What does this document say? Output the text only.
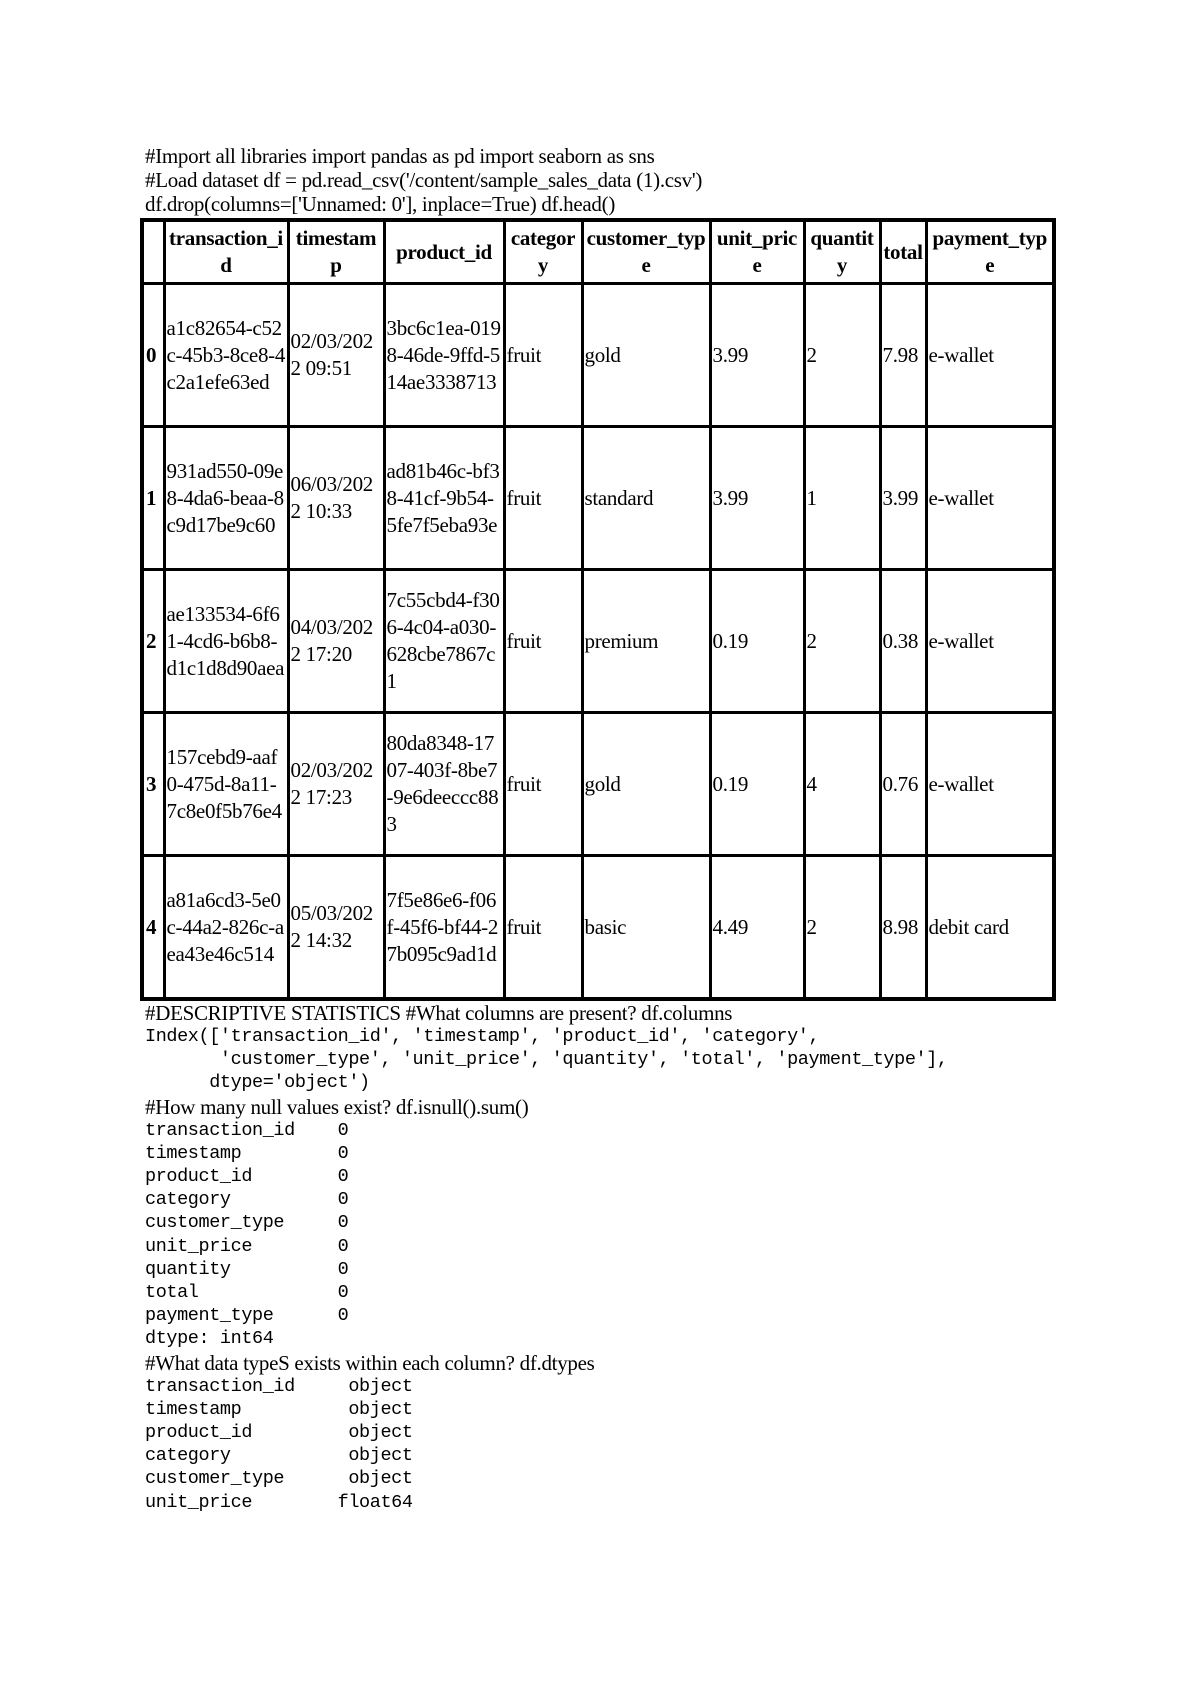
#Import all libraries import pandas as pd import seaborn as sns
#Load dataset df = pd.read_csv('/content/sample_sales_data (1).csv')
df.drop(columns=['Unnamed: 0'], inplace=True) df.head()
	transaction_id	timestamp	product_id	category	customer_type	unit_price	quantity	total	payment_type
0	a1c82654-c52c-45b3-8ce8-4c2a1efe63ed	02/03/2022 09:51	3bc6c1ea-0198-46de-9ffd-514ae3338713	fruit	gold	3.99	2	7.98	e-wallet
1	931ad550-09e8-4da6-beaa-8c9d17be9c60	06/03/2022 10:33	ad81b46c-bf38-41cf-9b54-5fe7f5eba93e	fruit	standard	3.99	1	3.99	e-wallet
2	ae133534-6f61-4cd6-b6b8-d1c1d8d90aea	04/03/2022 17:20	7c55cbd4-f306-4c04-a030-628cbe7867c1	fruit	premium	0.19	2	0.38	e-wallet
3	157cebd9-aaf0-475d-8a11-7c8e0f5b76e4	02/03/2022 17:23	80da8348-1707-403f-8be7-9e6deeccc883	fruit	gold	0.19	4	0.76	e-wallet
4	a81a6cd3-5e0c-44a2-826c-aea43e46c514	05/03/2022 14:32	7f5e86e6-f06f-45f6-bf44-27b095c9ad1d	fruit	basic	4.49	2	8.98	debit card
#DESCRIPTIVE STATISTICS #What columns are present? df.columns
Index(['transaction_id', 'timestamp', 'product_id', 'category',
'customer_type', 'unit_price', 'quantity', 'total', 'payment_type'],
dtype='object')
#How many null values exist? df.isnull().sum()
transaction_id    0
timestamp         0
product_id        0
category          0
customer_type     0
unit_price        0
quantity          0
total             0
payment_type      0
dtype: int64
#What data typeS exists within each column? df.dtypes
transaction_id     object
timestamp          object
product_id         object
category           object
customer_type      object
unit_price        float64
